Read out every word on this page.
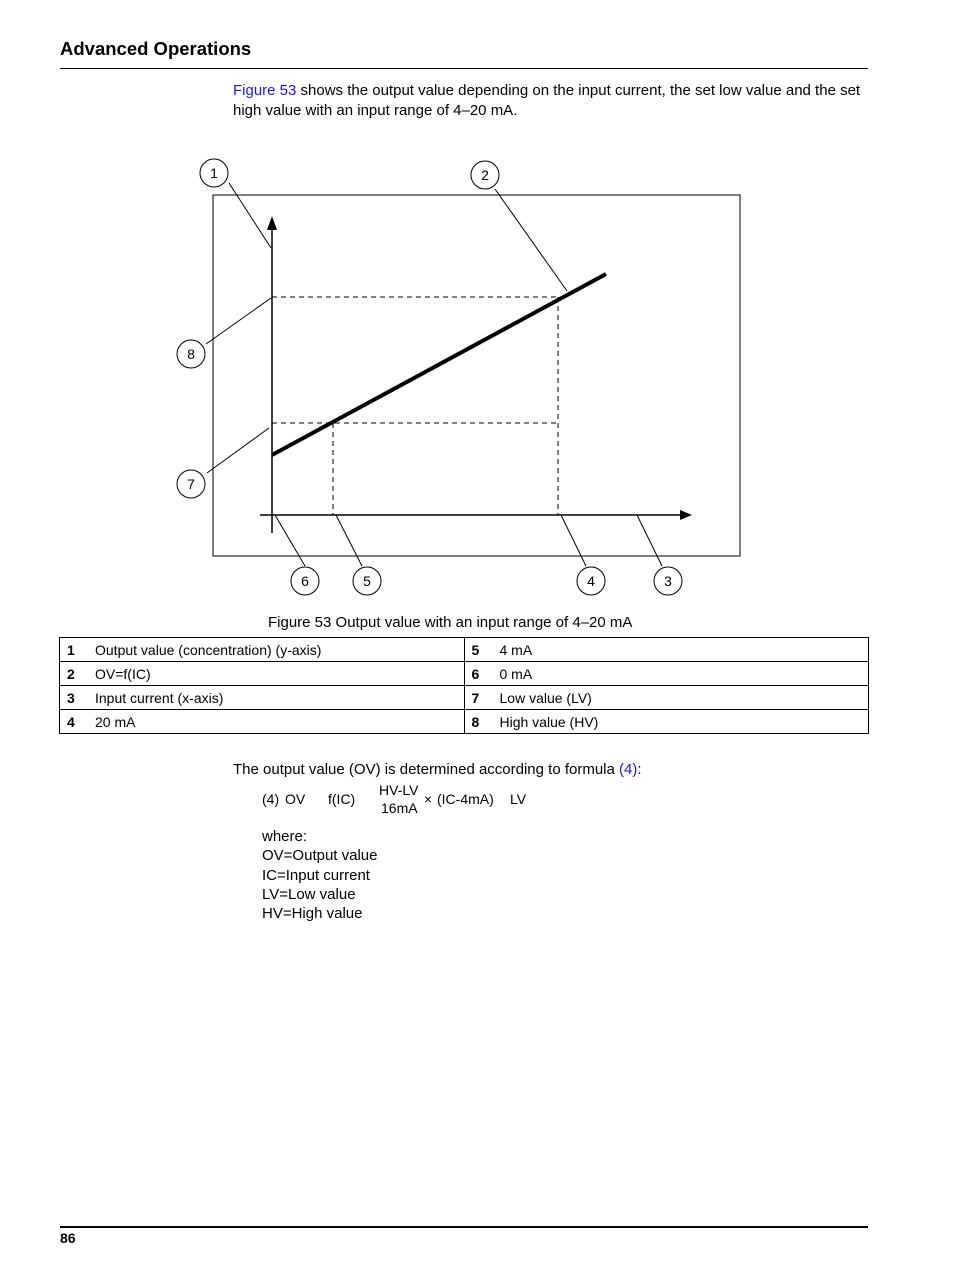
Advanced Operations
Figure 53 shows the output value depending on the input current, the set low value and the set high value with an input range of 4–20 mA.
1	2
3
4
5
6
7
8
Figure 53 Output value with an input range of 4–20 mA
1	Output value (concentration) (y-axis)	5	4 mA
2	OV=f(IC)	6	0 mA
3	Input current (x-axis)	7	Low value (LV)
4	20 mA	8	High value (HV)
The output value (OV) is determined according to formula (4):
(4) OV f(IC)
HV-LV
16mA
× (IC-4mA) LV
where:
OV=Output value
IC=Input current
LV=Low value
HV=High value
86
